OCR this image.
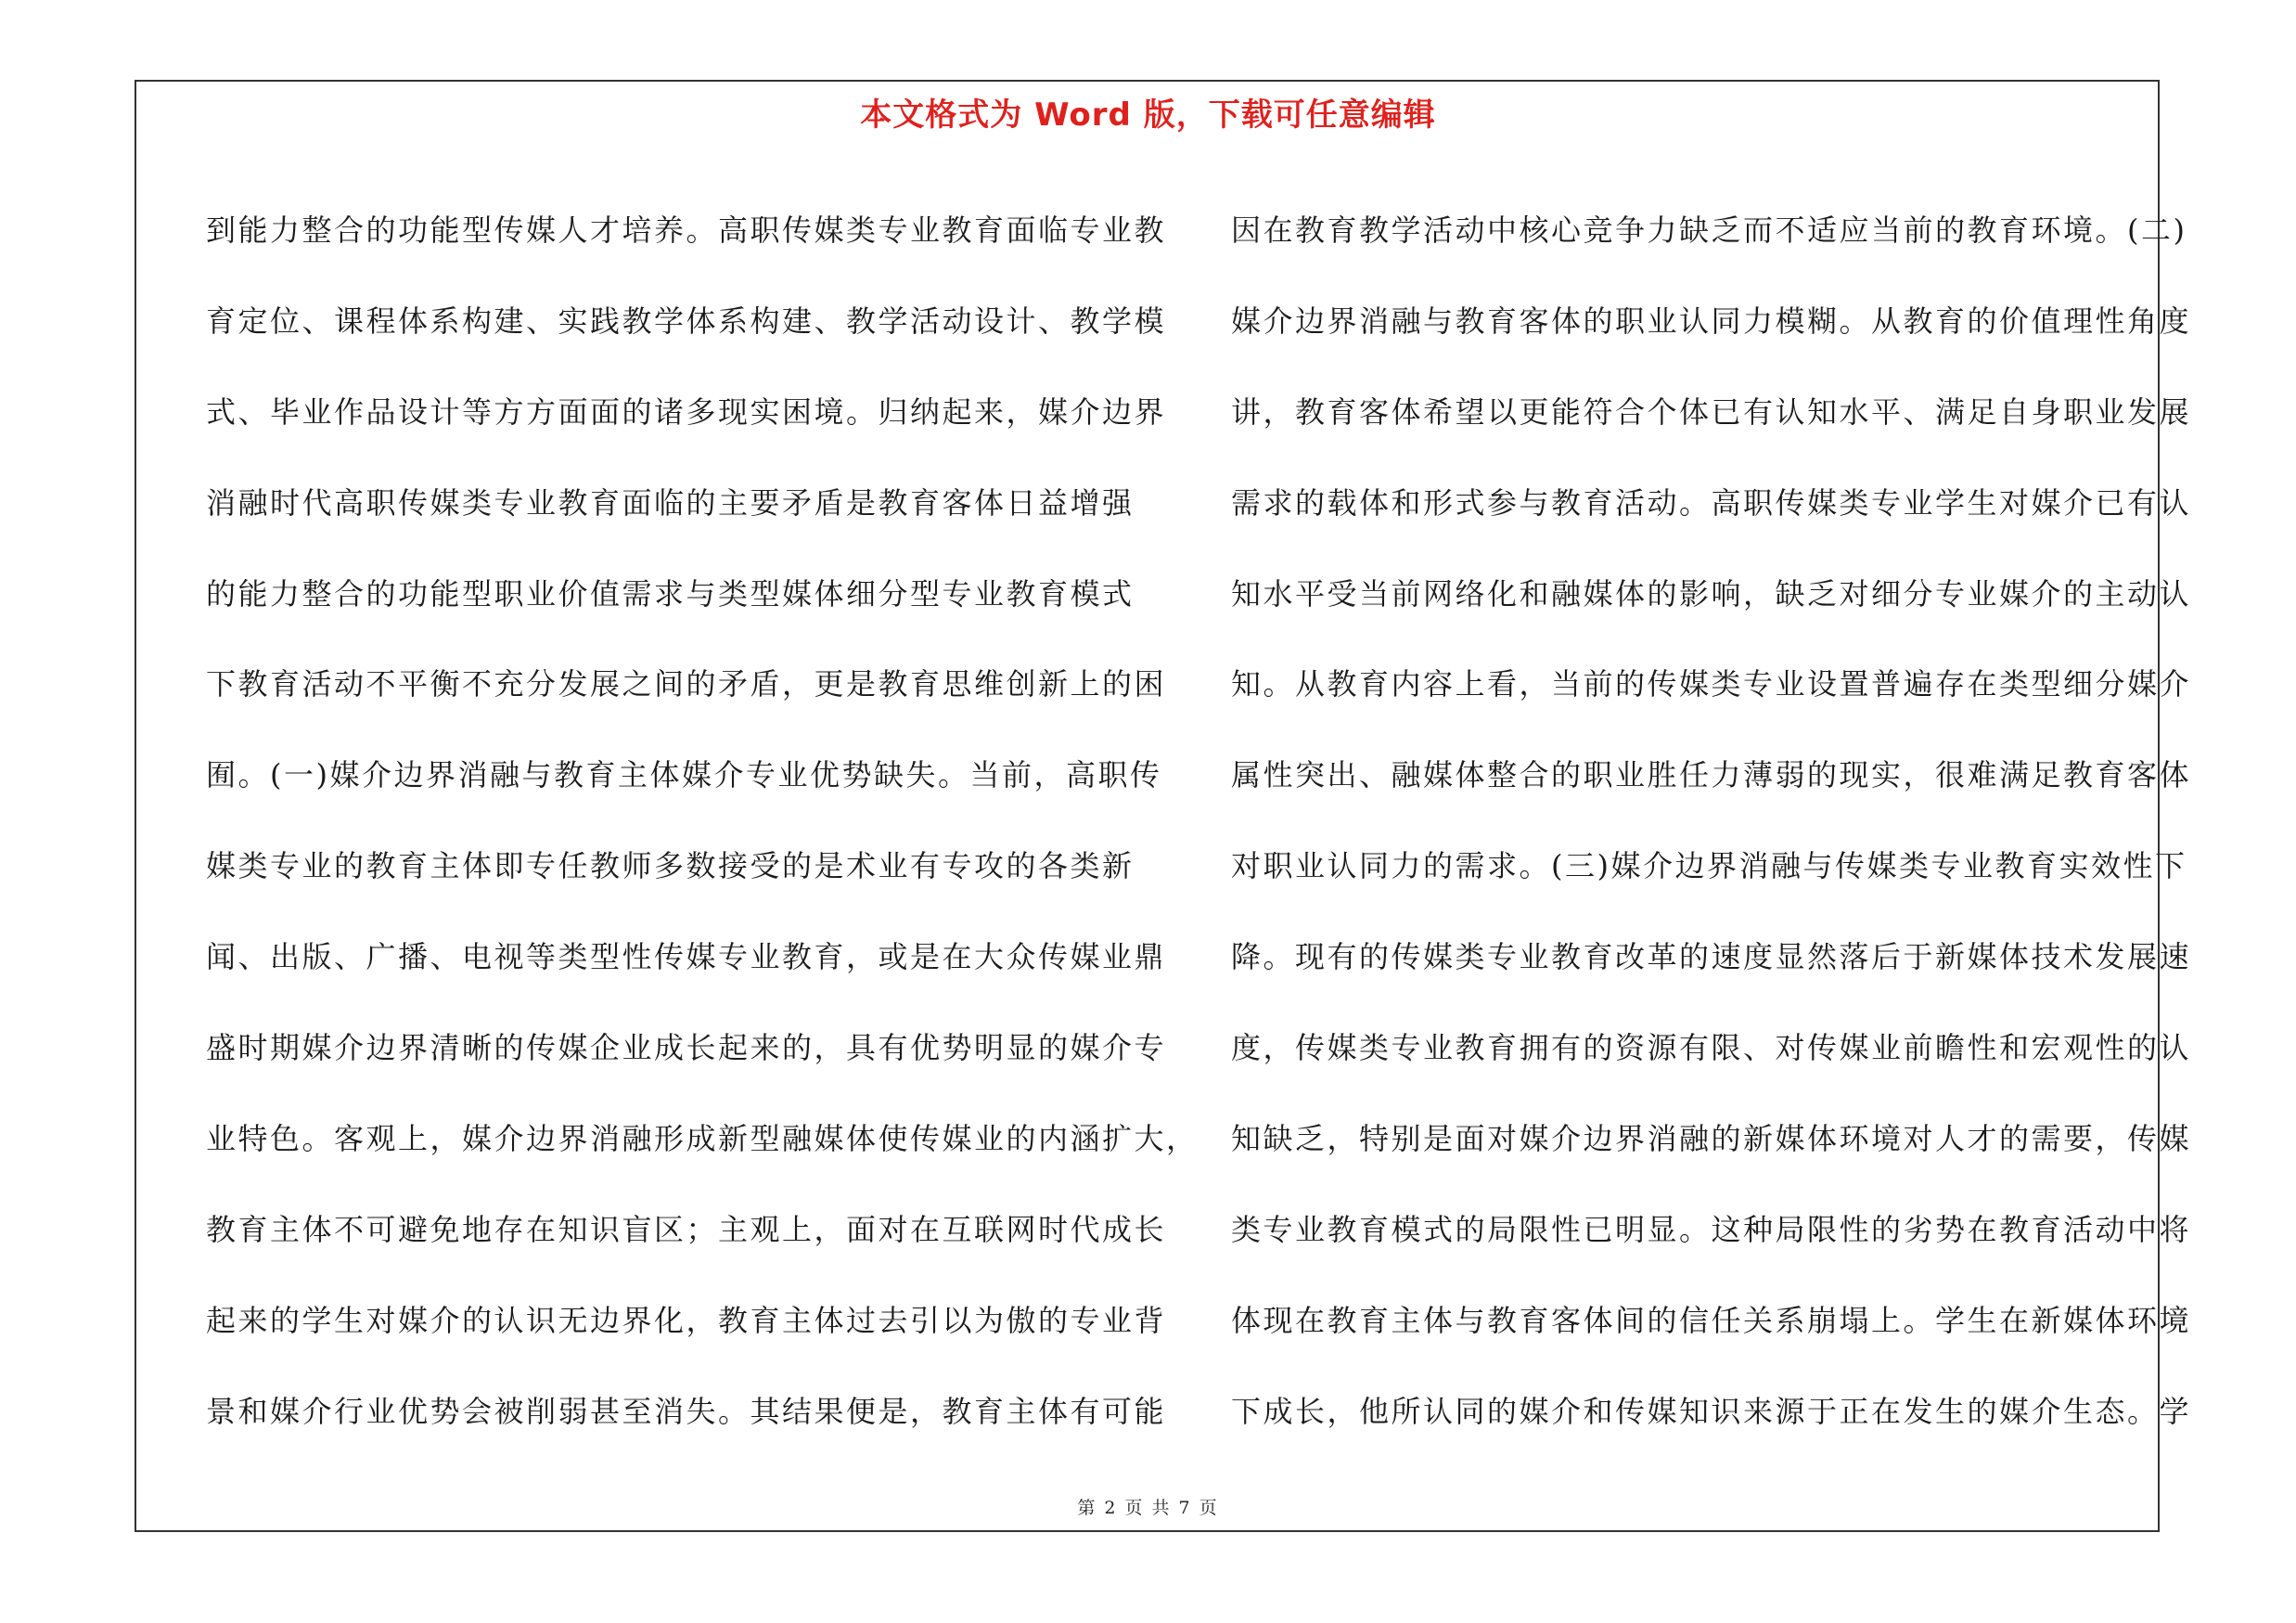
本文格式为 Word 版，下载可任意编辑
到能力整合的功能型传媒人才培养。高职传媒类专业教育面临专业教
育定位、课程体系构建、实践教学体系构建、教学活动设计、教学模
式、毕业作品设计等方方面面的诸多现实困境。归纳起来，媒介边界
消融时代高职传媒类专业教育面临的主要矛盾是教育客体日益增强
的能力整合的功能型职业价值需求与类型媒体细分型专业教育模式
下教育活动不平衡不充分发展之间的矛盾，更是教育思维创新上的困
囿。(一)媒介边界消融与教育主体媒介专业优势缺失。当前，高职传
媒类专业的教育主体即专任教师多数接受的是术业有专攻的各类新
闻、出版、广播、电视等类型性传媒专业教育，或是在大众传媒业鼎
盛时期媒介边界清晰的传媒企业成长起来的，具有优势明显的媒介专
业特色。客观上，媒介边界消融形成新型融媒体使传媒业的内涵扩大，
教育主体不可避免地存在知识盲区；主观上，面对在互联网时代成长
起来的学生对媒介的认识无边界化，教育主体过去引以为傲的专业背
景和媒介行业优势会被削弱甚至消失。其结果便是，教育主体有可能
因在教育教学活动中核心竞争力缺乏而不适应当前的教育环境。(二)
媒介边界消融与教育客体的职业认同力模糊。从教育的价值理性角度
讲，教育客体希望以更能符合个体已有认知水平、满足自身职业发展
需求的载体和形式参与教育活动。高职传媒类专业学生对媒介已有认
知水平受当前网络化和融媒体的影响，缺乏对细分专业媒介的主动认
知。从教育内容上看，当前的传媒类专业设置普遍存在类型细分媒介
属性突出、融媒体整合的职业胜任力薄弱的现实，很难满足教育客体
对职业认同力的需求。(三)媒介边界消融与传媒类专业教育实效性下
降。现有的传媒类专业教育改革的速度显然落后于新媒体技术发展速
度，传媒类专业教育拥有的资源有限、对传媒业前瞻性和宏观性的认
知缺乏，特别是面对媒介边界消融的新媒体环境对人才的需要，传媒
类专业教育模式的局限性已明显。这种局限性的劣势在教育活动中将
体现在教育主体与教育客体间的信任关系崩塌上。学生在新媒体环境
下成长，他所认同的媒介和传媒知识来源于正在发生的媒介生态。学
第 2 页 共 7 页
